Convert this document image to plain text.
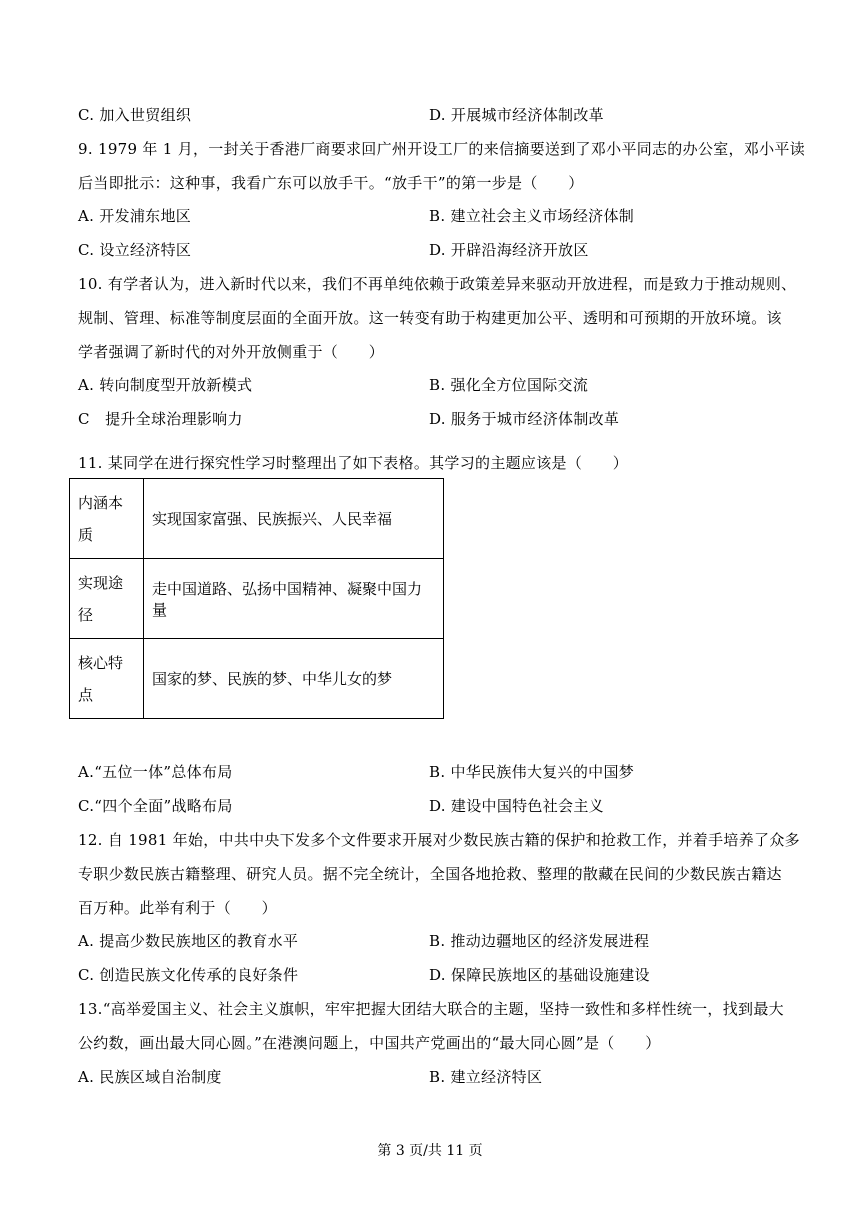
C. 加入世贸组织	D. 开展城市经济体制改革
9. 1979 年 1 月，一封关于香港厂商要求回广州开设工厂的来信摘要送到了邓小平同志的办公室，邓小平读
后当即批示：这种事，我看广东可以放手干。“放手干”的第一步是（　　）
A. 开发浦东地区	B. 建立社会主义市场经济体制
C. 设立经济特区	D. 开辟沿海经济开放区
10. 有学者认为，进入新时代以来，我们不再单纯依赖于政策差异来驱动开放进程，而是致力于推动规则、
规制、管理、标准等制度层面的全面开放。这一转变有助于构建更加公平、透明和可预期的开放环境。该
学者强调了新时代的对外开放侧重于（　　）
A. 转向制度型开放新模式	B. 强化全方位国际交流
C　提升全球治理影响力	D. 服务于城市经济体制改革
11. 某同学在进行探究性学习时整理出了如下表格。其学习的主题应该是（　　）
内涵本质	实现国家富强、民族振兴、人民幸福
实现途径	走中国道路、弘扬中国精神、凝聚中国力量
核心特点	国家的梦、民族的梦、中华儿女的梦
A.“五位一体”总体布局	B. 中华民族伟大复兴的中国梦
C.“四个全面”战略布局	D. 建设中国特色社会主义
12. 自 1981 年始，中共中央下发多个文件要求开展对少数民族古籍的保护和抢救工作，并着手培养了众多
专职少数民族古籍整理、研究人员。据不完全统计，全国各地抢救、整理的散藏在民间的少数民族古籍达
百万种。此举有利于（　　）
A. 提高少数民族地区的教育水平	B. 推动边疆地区的经济发展进程
C. 创造民族文化传承的良好条件	D. 保障民族地区的基础设施建设
13.“高举爱国主义、社会主义旗帜，牢牢把握大团结大联合的主题，坚持一致性和多样性统一，找到最大
公约数，画出最大同心圆。”在港澳问题上，中国共产党画出的“最大同心圆”是（　　）
A. 民族区域自治制度	B. 建立经济特区
第 3 页/共 11 页
